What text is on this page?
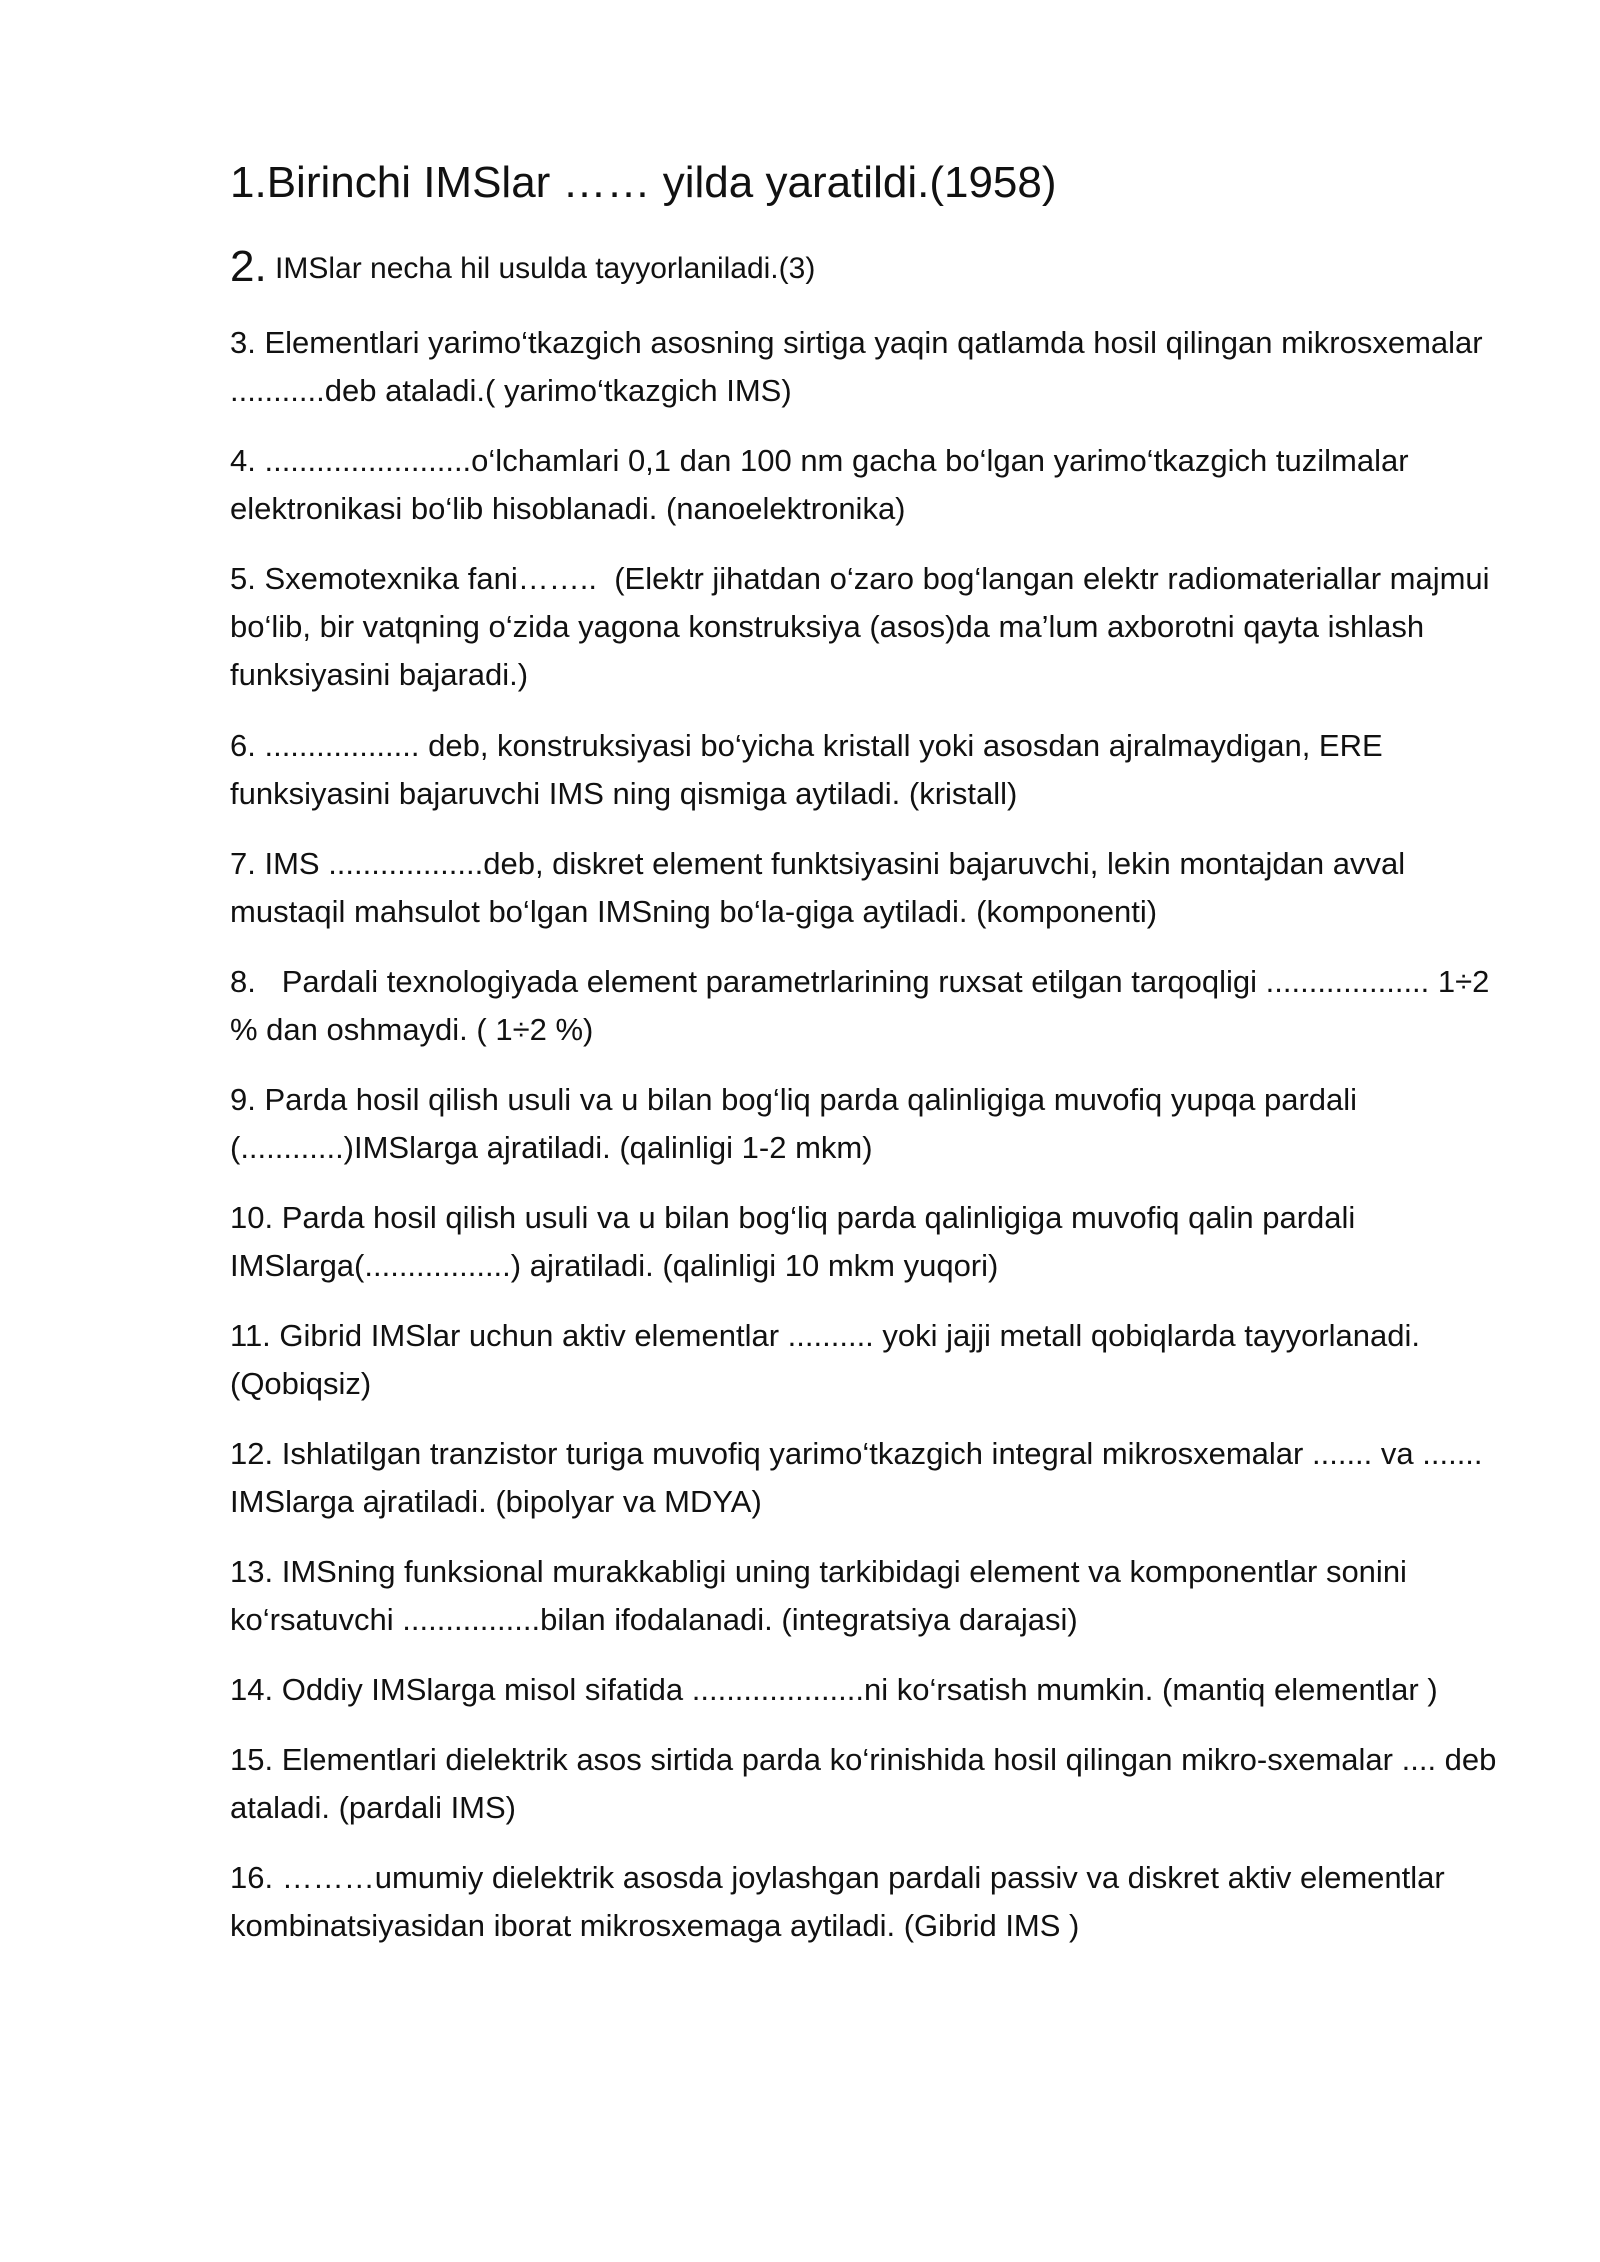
1.Birinchi IMSlar …… yilda yaratildi.(1958)

2. IMSlar necha hil usulda tayyorlaniladi.(3)

3. Elementlari yarimo‘tkazgich asosning sirtiga yaqin qatlamda hosil qilingan mikrosxemalar ...........deb ataladi.( yarimo‘tkazgich IMS)

4. ........................o‘lchamlari 0,1 dan 100 nm gacha bo‘lgan yarimo‘tkazgich tuzilmalar elektronikasi bo‘lib hisoblanadi. (nanoelektronika)

5. Sxemotexnika fani……..  (Elektr jihatdan o‘zaro bog‘langan elektr radiomateriallar majmui bo‘lib, bir vatqning o‘zida yagona konstruksiya (asos)da ma’lum axborotni qayta ishlash funksiyasini bajaradi.)

6. .................. deb, konstruksiyasi bo‘yicha kristall yoki asosdan ajralmaydigan, ERE funksiyasini bajaruvchi IMS ning qismiga aytiladi. (kristall)

7. IMS ..................deb, diskret element funktsiyasini bajaruvchi, lekin montajdan avval mustaqil mahsulot bo‘lgan IMSning bo‘la-giga aytiladi. (komponenti)

8.   Pardali texnologiyada element parametrlarining ruxsat etilgan tarqoqligi ................... 1÷2 % dan oshmaydi. ( 1÷2 %)

9. Parda hosil qilish usuli va u bilan bog‘liq parda qalinligiga muvofiq yupqa pardali (............)IMSlarga ajratiladi. (qalinligi 1-2 mkm)

10. Parda hosil qilish usuli va u bilan bog‘liq parda qalinligiga muvofiq qalin pardali IMSlarga(.................) ajratiladi. (qalinligi 10 mkm yuqori)

11. Gibrid IMSlar uchun aktiv elementlar .......... yoki jajji metall qobiqlarda tayyorlanadi. (Qobiqsiz)

12. Ishlatilgan tranzistor turiga muvofiq yarimo‘tkazgich integral mikrosxemalar ....... va ....... IMSlarga ajratiladi. (bipolyar va MDYA)

13. IMSning funksional murakkabligi uning tarkibidagi element va komponentlar sonini ko‘rsatuvchi ................bilan ifodalanadi. (integratsiya darajasi)

14. Oddiy IMSlarga misol sifatida ....................ni ko‘rsatish mumkin. (mantiq elementlar )

15. Elementlari dielektrik asos sirtida parda ko‘rinishida hosil qilingan mikro-sxemalar .... deb ataladi. (pardali IMS)

16. ………umumiy dielektrik asosda joylashgan pardali passiv va diskret aktiv elementlar kombinatsiyasidan iborat mikrosxemaga aytiladi. (Gibrid IMS )
